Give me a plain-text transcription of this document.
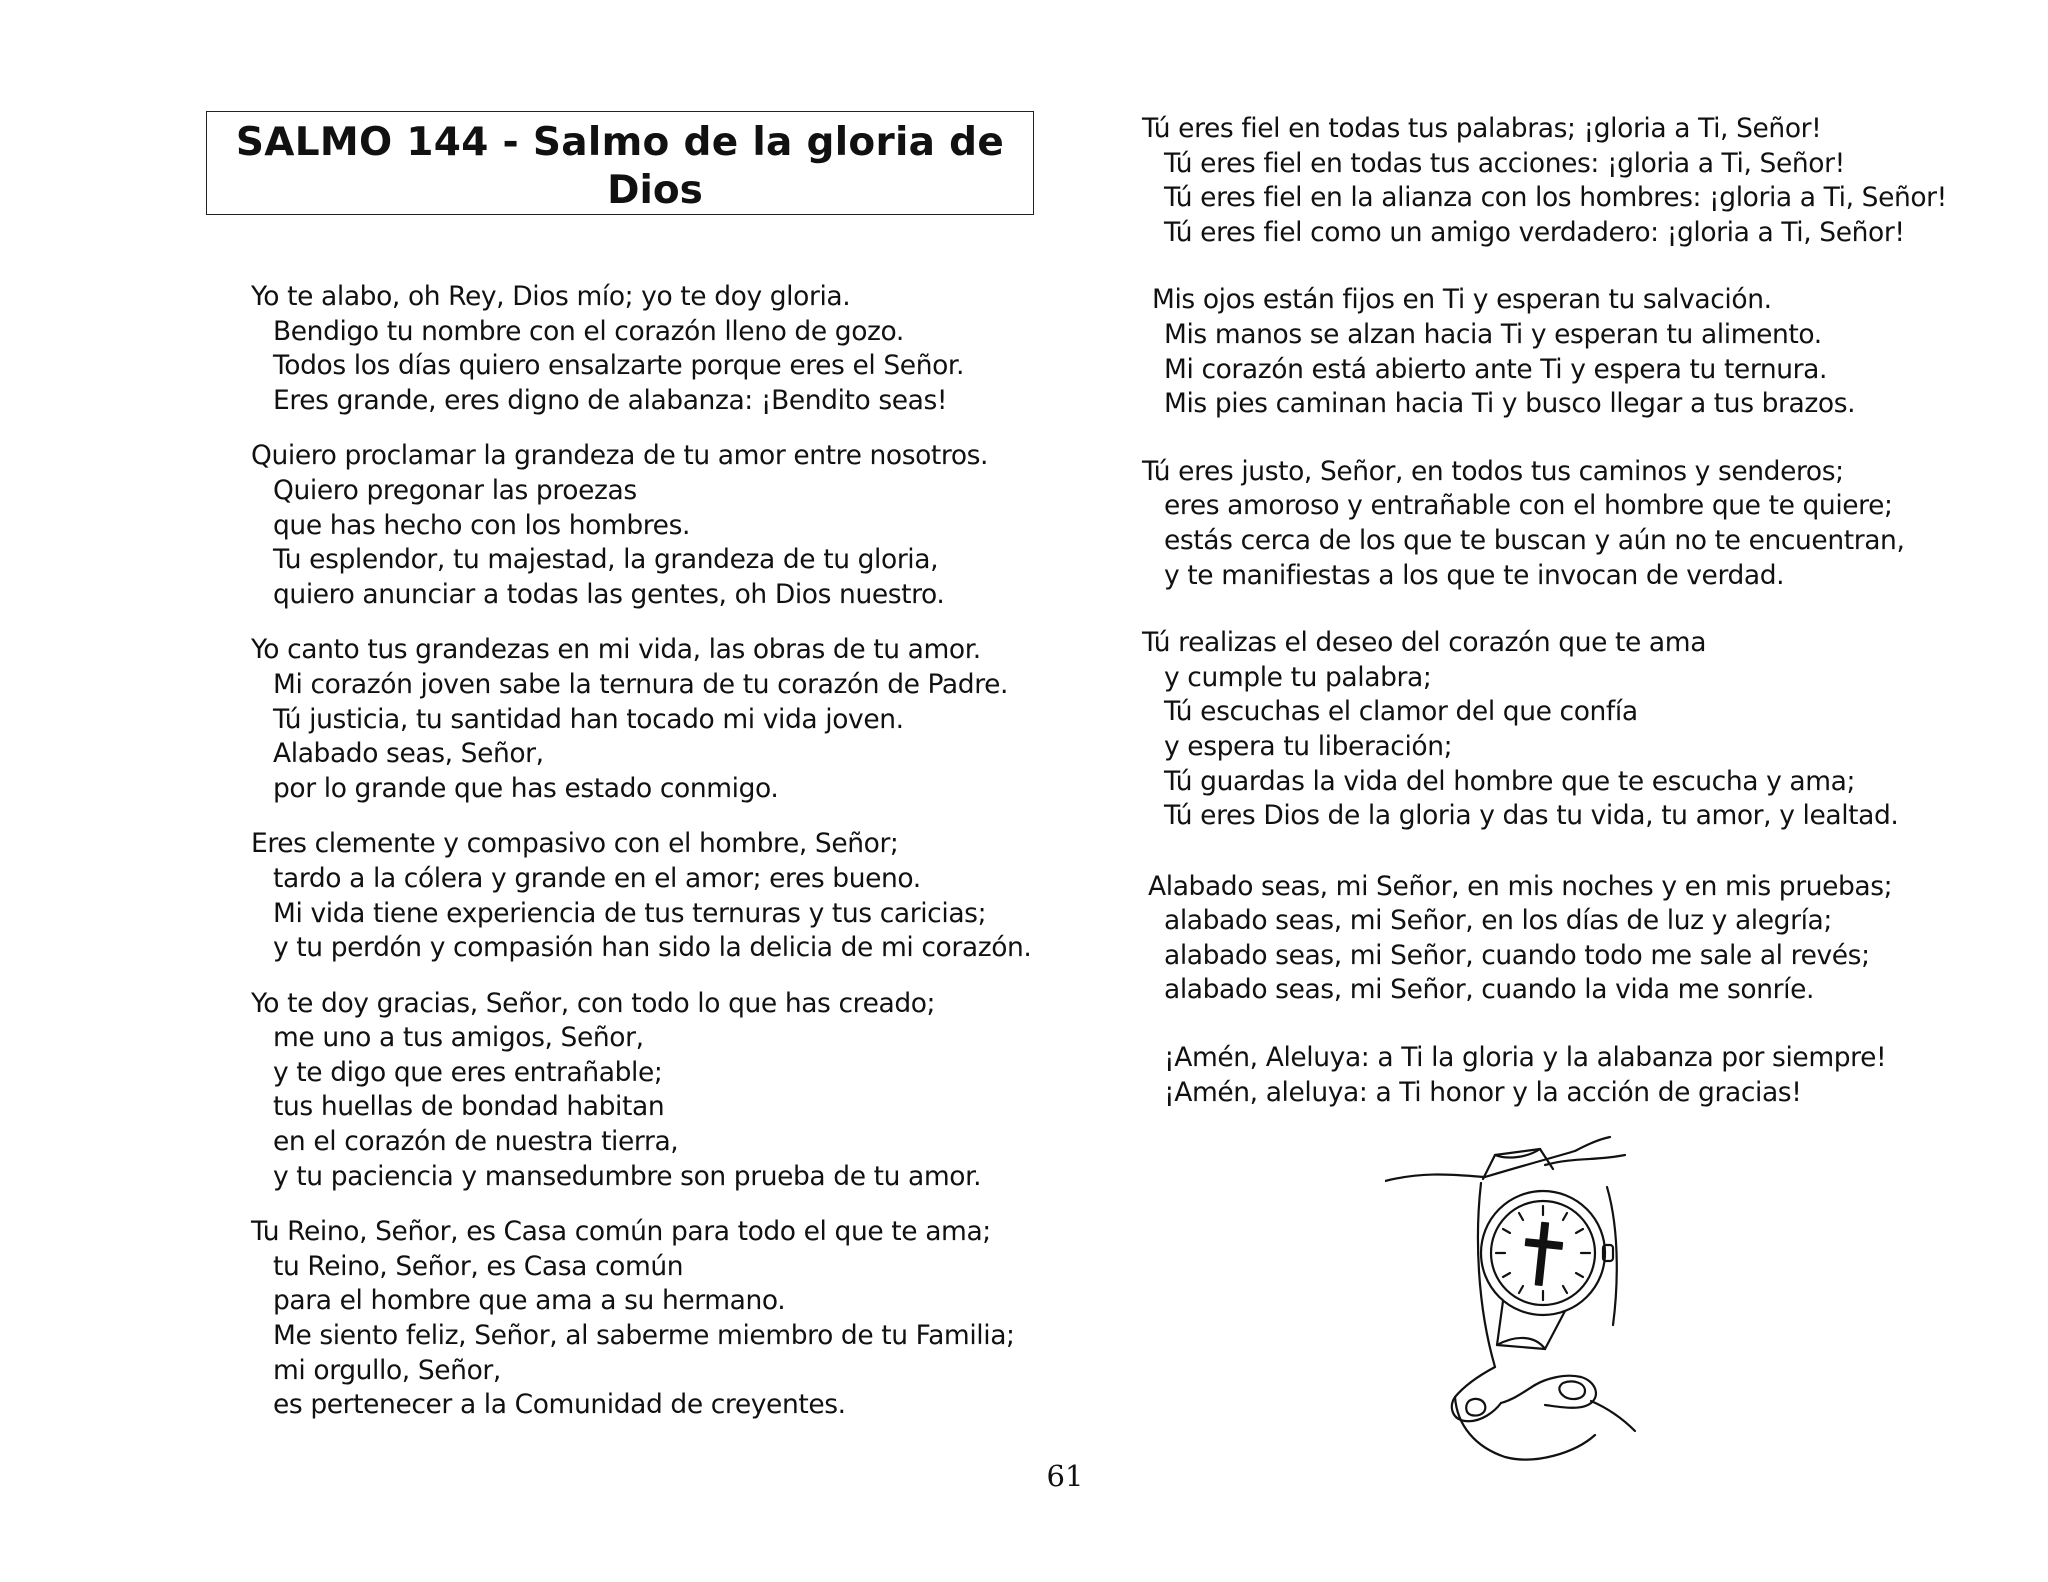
SALMO 144 - Salmo de la gloria de
Dios
Yo te alabo, oh Rey, Dios mío; yo te doy gloria.
Bendigo tu nombre con el corazón lleno de gozo.
Todos los días quiero ensalzarte porque eres el Señor.
Eres grande, eres digno de alabanza: ¡Bendito seas!
Quiero proclamar la grandeza de tu amor entre nosotros.
Quiero pregonar las proezas
que has hecho con los hombres.
Tu esplendor, tu majestad, la grandeza de tu gloria,
quiero anunciar a todas las gentes, oh Dios nuestro.
Yo canto tus grandezas en mi vida, las obras de tu amor.
Mi corazón joven sabe la ternura de tu corazón de Padre.
Tú justicia, tu santidad han tocado mi vida joven.
Alabado seas, Señor,
por lo grande que has estado conmigo.
Eres clemente y compasivo con el hombre, Señor;
tardo a la cólera y grande en el amor; eres bueno.
Mi vida tiene experiencia de tus ternuras y tus caricias;
y tu perdón y compasión han sido la delicia de mi corazón.
Yo te doy gracias, Señor, con todo lo que has creado;
me uno a tus amigos, Señor,
y te digo que eres entrañable;
tus huellas de bondad habitan
en el corazón de nuestra tierra,
y tu paciencia y mansedumbre son prueba de tu amor.
Tu Reino, Señor, es Casa común para todo el que te ama;
tu Reino, Señor, es Casa común
para el hombre que ama a su hermano.
Me siento feliz, Señor, al saberme miembro de tu Familia;
mi orgullo, Señor,
es pertenecer a la Comunidad de creyentes.
Tú eres fiel en todas tus palabras; ¡gloria a Ti, Señor!
Tú eres fiel en todas tus acciones: ¡gloria a Ti, Señor!
Tú eres fiel en la alianza con los hombres: ¡gloria a Ti, Señor!
Tú eres fiel como un amigo verdadero: ¡gloria a Ti, Señor!
Mis ojos están fijos en Ti y esperan tu salvación.
Mis manos se alzan hacia Ti y esperan tu alimento.
Mi corazón está abierto ante Ti y espera tu ternura.
Mis pies caminan hacia Ti y busco llegar a tus brazos.
Tú eres justo, Señor, en todos tus caminos y senderos;
eres amoroso y entrañable con el hombre que te quiere;
estás cerca de los que te buscan y aún no te encuentran,
y te manifiestas a los que te invocan de verdad.
Tú realizas el deseo del corazón que te ama
y cumple tu palabra;
Tú escuchas el clamor del que confía
y espera tu liberación;
Tú guardas la vida del hombre que te escucha y ama;
Tú eres Dios de la gloria y das tu vida, tu amor, y lealtad.
Alabado seas, mi Señor, en mis noches y en mis pruebas;
alabado seas, mi Señor, en los días de luz y alegría;
alabado seas, mi Señor, cuando todo me sale al revés;
alabado seas, mi Señor, cuando la vida me sonríe.
¡Amén, Aleluya: a Ti la gloria y la alabanza por siempre!
¡Amén, aleluya: a Ti honor y la acción de gracias!
61
